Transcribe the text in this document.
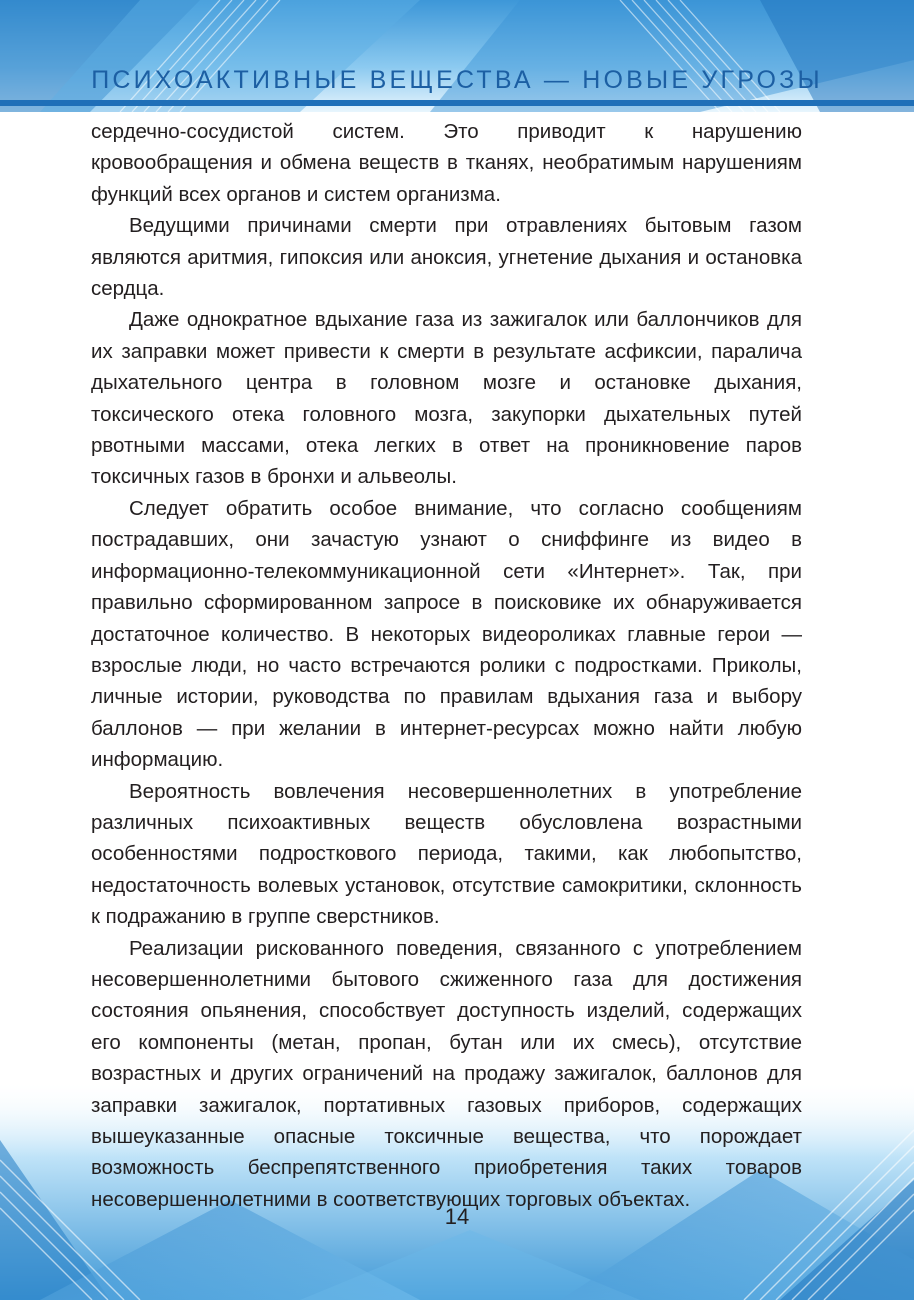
ПСИХОАКТИВНЫЕ ВЕЩЕСТВА — НОВЫЕ УГРОЗЫ

сердечно-сосудистой систем. Это приводит к нарушению кровообращения и обмена веществ в тканях, необратимым нарушениям функций всех органов и систем организма.

Ведущими причинами смерти при отравлениях бытовым газом являются аритмия, гипоксия или аноксия, угнетение дыхания и остановка сердца.

Даже однократное вдыхание газа из зажигалок или баллончиков для их заправки может привести к смерти в результате асфиксии, паралича дыхательного центра в головном мозге и остановке дыхания, токсического отека головного мозга, закупорки дыхательных путей рвотными массами, отека легких в ответ на проникновение паров токсичных газов в бронхи и альвеолы.

Следует обратить особое внимание, что согласно сообщениям пострадавших, они зачастую узнают о сниффинге из видео в информационно-телекоммуникационной сети «Интернет». Так, при правильно сформированном запросе в поисковике их обнаруживается достаточное количество. В некоторых видеороликах главные герои — взрослые люди, но часто встречаются ролики с подростками. Приколы, личные истории, руководства по правилам вдыхания газа и выбору баллонов — при желании в интернет-ресурсах можно найти любую информацию.

Вероятность вовлечения несовершеннолетних в употребление различных психоактивных веществ обусловлена возрастными особенностями подросткового периода, такими, как любопытство, недостаточность волевых установок, отсутствие самокритики, склонность к подражанию в группе сверстников.

Реализации рискованного поведения, связанного с употреблением несовершеннолетними бытового сжиженного газа для достижения состояния опьянения, способствует доступность изделий, содержащих его компоненты (метан, пропан, бутан или их смесь), отсутствие возрастных и других ограничений на продажу зажигалок, баллонов для заправки зажигалок, портативных газовых приборов, содержащих вышеуказанные опасные токсичные вещества, что порождает возможность беспрепятственного приобретения таких товаров несовершеннолетними в соответствующих торговых объектах.

14
